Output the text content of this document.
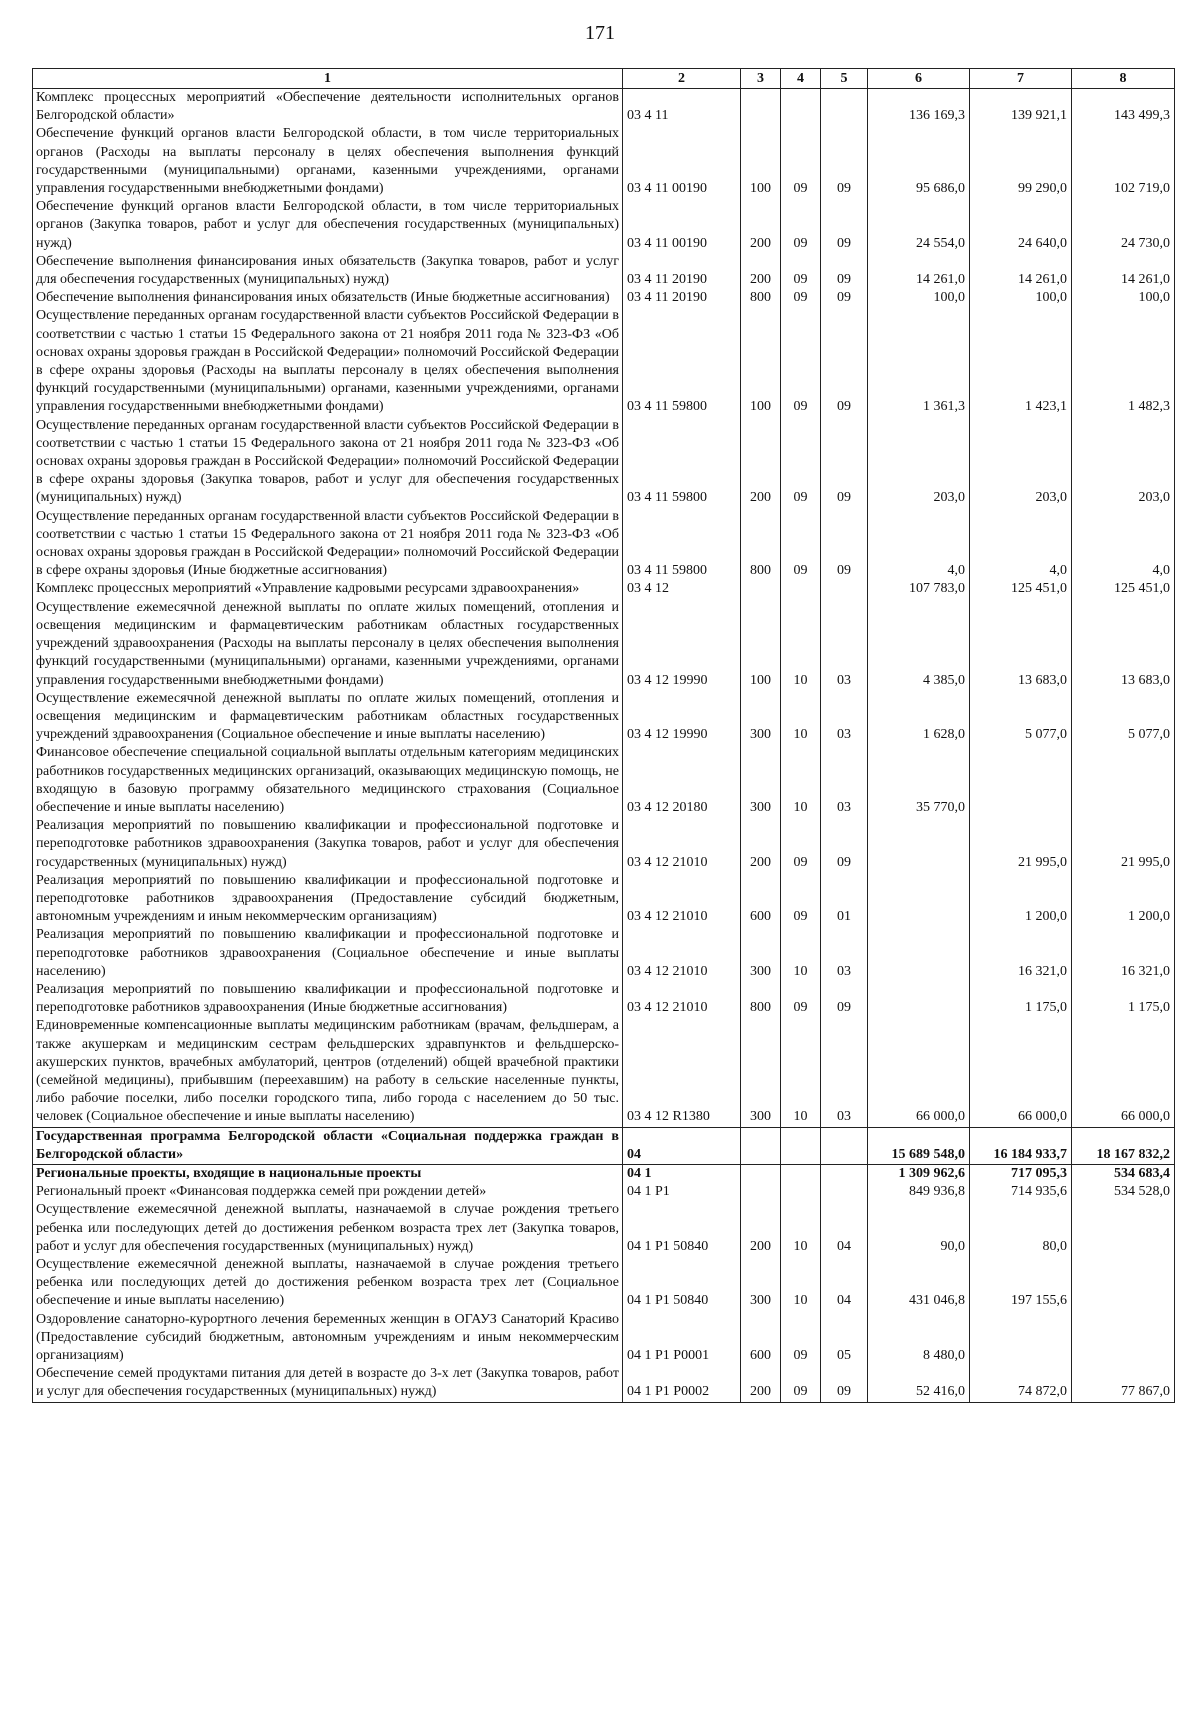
171
1	2	3	4	5	6	7	8
Комплекс процессных мероприятий «Обеспечение деятельности исполнительных органов Белгородской области»	03 4 11				136 169,3	139 921,1	143 499,3
Обеспечение функций органов власти Белгородской области, в том числе территориальных органов (Расходы на выплаты персоналу в целях обеспечения выполнения функций государственными (муниципальными) органами, казенными учреждениями, органами управления государственными внебюджетными фондами)	03 4 11 00190	100	09	09	95 686,0	99 290,0	102 719,0
Обеспечение функций органов власти Белгородской области, в том числе территориальных органов (Закупка товаров, работ и услуг для обеспечения государственных (муниципальных) нужд)	03 4 11 00190	200	09	09	24 554,0	24 640,0	24 730,0
Обеспечение выполнения финансирования иных обязательств (Закупка товаров, работ и услуг для обеспечения государственных (муниципальных) нужд)	03 4 11 20190	200	09	09	14 261,0	14 261,0	14 261,0
Обеспечение выполнения финансирования иных обязательств (Иные бюджетные ассигнования)	03 4 11 20190	800	09	09	100,0	100,0	100,0
Осуществление переданных органам государственной власти субъектов Российской Федерации в соответствии с частью 1 статьи 15 Федерального закона от 21 ноября 2011 года № 323-ФЗ «Об основах охраны здоровья граждан в Российской Федерации» полномочий Российской Федерации в сфере охраны здоровья (Расходы на выплаты персоналу в целях обеспечения выполнения функций государственными (муниципальными) органами, казенными учреждениями, органами управления государственными внебюджетными фондами)	03 4 11 59800	100	09	09	1 361,3	1 423,1	1 482,3
Осуществление переданных органам государственной власти субъектов Российской Федерации в соответствии с частью 1 статьи 15 Федерального закона от 21 ноября 2011 года № 323-ФЗ «Об основах охраны здоровья граждан в Российской Федерации» полномочий Российской Федерации в сфере охраны здоровья (Закупка товаров, работ и услуг для обеспечения государственных (муниципальных) нужд)	03 4 11 59800	200	09	09	203,0	203,0	203,0
Осуществление переданных органам государственной власти субъектов Российской Федерации в соответствии с частью 1 статьи 15 Федерального закона от 21 ноября 2011 года № 323-ФЗ «Об основах охраны здоровья граждан в Российской Федерации» полномочий Российской Федерации в сфере охраны здоровья (Иные бюджетные ассигнования)	03 4 11 59800	800	09	09	4,0	4,0	4,0
Комплекс процессных мероприятий «Управление кадровыми ресурсами здравоохранения»	03 4 12				107 783,0	125 451,0	125 451,0
Осуществление ежемесячной денежной выплаты по оплате жилых помещений, отопления и освещения медицинским и фармацевтическим работникам областных государственных учреждений здравоохранения (Расходы на выплаты персоналу в целях обеспечения выполнения функций государственными (муниципальными) органами, казенными учреждениями, органами управления государственными внебюджетными фондами)	03 4 12 19990	100	10	03	4 385,0	13 683,0	13 683,0
Осуществление ежемесячной денежной выплаты по оплате жилых помещений, отопления и освещения медицинским и фармацевтическим работникам областных государственных учреждений здравоохранения (Социальное обеспечение и иные выплаты населению)	03 4 12 19990	300	10	03	1 628,0	5 077,0	5 077,0
Финансовое обеспечение специальной социальной выплаты отдельным категориям медицинских работников государственных медицинских организаций, оказывающих медицинскую помощь, не входящую в базовую программу обязательного медицинского страхования (Социальное обеспечение и иные выплаты населению)	03 4 12 20180	300	10	03	35 770,0		
Реализация мероприятий по повышению квалификации и профессиональной подготовке и переподготовке работников здравоохранения (Закупка товаров, работ и услуг для обеспечения государственных (муниципальных) нужд)	03 4 12 21010	200	09	09		21 995,0	21 995,0
Реализация мероприятий по повышению квалификации и профессиональной подготовке и переподготовке работников здравоохранения (Предоставление субсидий бюджетным, автономным учреждениям и иным некоммерческим организациям)	03 4 12 21010	600	09	01		1 200,0	1 200,0
Реализация мероприятий по повышению квалификации и профессиональной подготовке и переподготовке работников здравоохранения (Социальное обеспечение и иные выплаты населению)	03 4 12 21010	300	10	03		16 321,0	16 321,0
Реализация мероприятий по повышению квалификации и профессиональной подготовке и переподготовке работников здравоохранения (Иные бюджетные ассигнования)	03 4 12 21010	800	09	09		1 175,0	1 175,0
Единовременные компенсационные выплаты медицинским работникам (врачам, фельдшерам, а также акушеркам и медицинским сестрам фельдшерских здравпунктов и фельдшерско-акушерских пунктов, врачебных амбулаторий, центров (отделений) общей врачебной практики (семейной медицины), прибывшим (переехавшим) на работу в сельские населенные пункты, либо рабочие поселки, либо поселки городского типа, либо города с населением до 50 тыс. человек (Социальное обеспечение и иные выплаты населению)	03 4 12 R1380	300	10	03	66 000,0	66 000,0	66 000,0
Государственная программа Белгородской области «Социальная поддержка граждан в Белгородской области»	04				15 689 548,0	16 184 933,7	18 167 832,2
Региональные проекты, входящие в национальные проекты	04 1				1 309 962,6	717 095,3	534 683,4
Региональный проект «Финансовая поддержка семей при рождении детей»	04 1 P1				849 936,8	714 935,6	534 528,0
Осуществление ежемесячной денежной выплаты, назначаемой в случае рождения третьего ребенка или последующих детей до достижения ребенком возраста трех лет (Закупка товаров, работ и услуг для обеспечения государственных (муниципальных) нужд)	04 1 P1 50840	200	10	04	90,0	80,0	
Осуществление ежемесячной денежной выплаты, назначаемой в случае рождения третьего ребенка или последующих детей до достижения ребенком возраста трех лет (Социальное обеспечение и иные выплаты населению)	04 1 P1 50840	300	10	04	431 046,8	197 155,6	
Оздоровление санаторно-курортного лечения беременных женщин в ОГАУЗ Санаторий Красиво (Предоставление субсидий бюджетным, автономным учреждениям и иным некоммерческим организациям)	04 1 P1 P0001	600	09	05	8 480,0		
Обеспечение семей продуктами питания для детей в возрасте до 3-х лет (Закупка товаров, работ и услуг для обеспечения государственных (муниципальных) нужд)	04 1 P1 P0002	200	09	09	52 416,0	74 872,0	77 867,0
